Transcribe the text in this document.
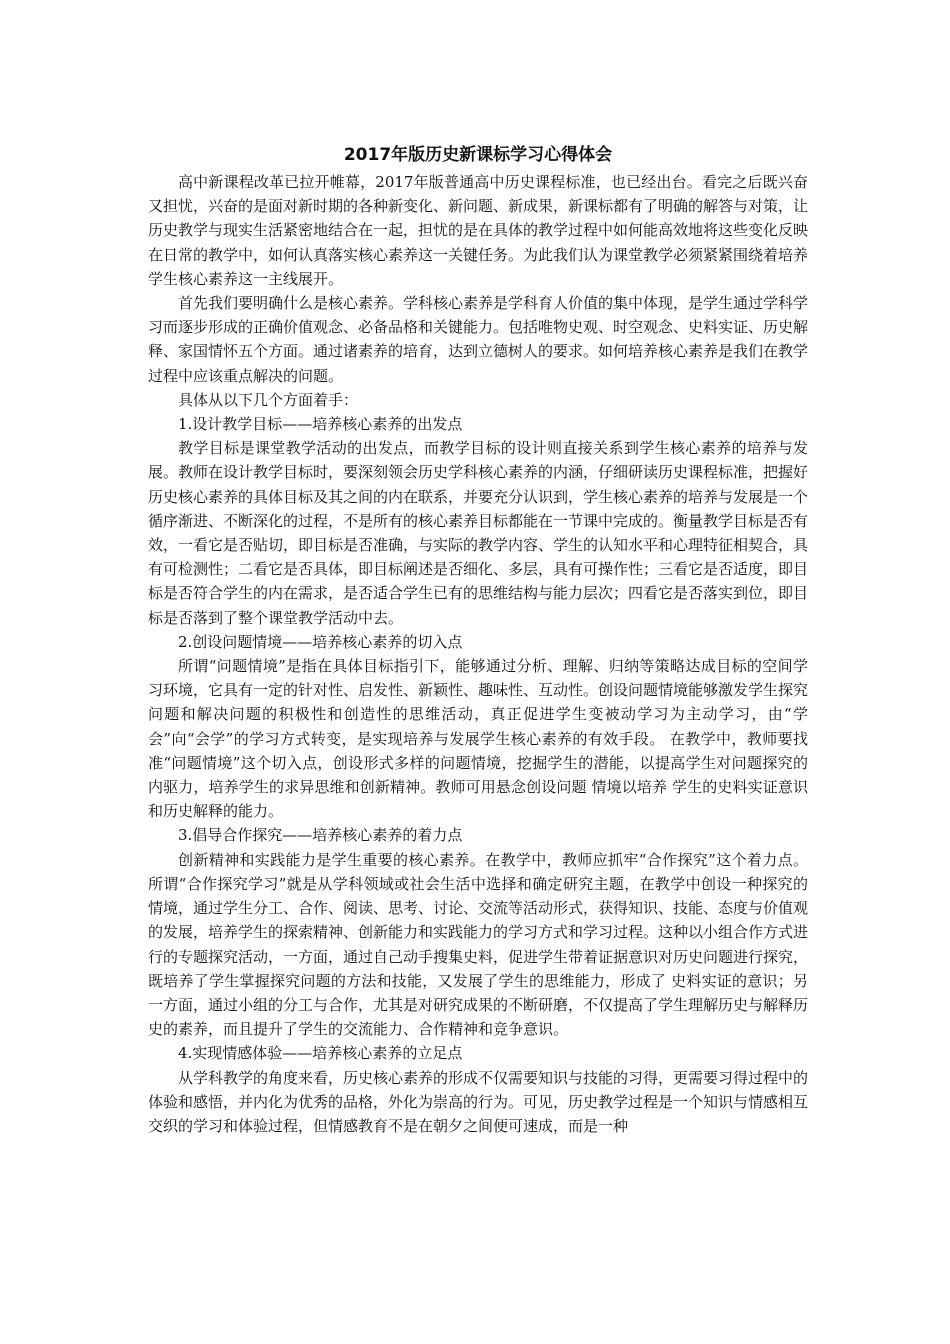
2017年版历史新课标学习心得体会

高中新课程改革已拉开帷幕，2017年版普通高中历史课程标准，也已经出台。看完之后既兴奋又担忧，兴奋的是面对新时期的各种新变化、新问题、新成果，新课标都有了明确的解答与对策，让历史教学与现实生活紧密地结合在一起，担忧的是在具体的教学过程中如何能高效地将这些变化反映在日常的教学中，如何认真落实核心素养这一关键任务。为此我们认为课堂教学必须紧紧围绕着培养学生核心素养这一主线展开。

首先我们要明确什么是核心素养。学科核心素养是学科育人价值的集中体现，是学生通过学科学习而逐步形成的正确价值观念、必备品格和关键能力。包括唯物史观、时空观念、史料实证、历史解释、家国情怀五个方面。通过诸素养的培育，达到立德树人的要求。如何培养核心素养是我们在教学过程中应该重点解决的问题。

具体从以下几个方面着手：

1.设计教学目标——培养核心素养的出发点

教学目标是课堂教学活动的出发点，而教学目标的设计则直接关系到学生核心素养的培养与发展。教师在设计教学目标时，要深刻领会历史学科核心素养的内涵，仔细研读历史课程标准，把握好历史核心素养的具体目标及其之间的内在联系，并要充分认识到，学生核心素养的培养与发展是一个循序渐进、不断深化的过程，不是所有的核心素养目标都能在一节课中完成的。衡量教学目标是否有效，一看它是否贴切，即目标是否准确，与实际的教学内容、学生的认知水平和心理特征相契合，具有可检测性；二看它是否具体，即目标阐述是否细化、多层，具有可操作性；三看它是否适度，即目标是否符合学生的内在需求，是否适合学生已有的思维结构与能力层次；四看它是否落实到位，即目标是否落到了整个课堂教学活动中去。

2.创设问题情境——培养核心素养的切入点

所谓“问题情境”是指在具体目标指引下，能够通过分析、理解、归纳等策略达成目标的空间学习环境，它具有一定的针对性、启发性、新颖性、趣味性、互动性。创设问题情境能够激发学生探究问题和解决问题的积极性和创造性的思维活动，真正促进学生变被动学习为主动学习，由“学会”向“会学”的学习方式转变，是实现培养与发展学生核心素养的有效手段。 在教学中，教师要找准“问题情境”这个切入点，创设形式多样的问题情境，挖掘学生的潜能，以提高学生对问题探究的内驱力，培养学生的求异思维和创新精神。教师可用悬念创设问题 情境以培养 学生的史料实证意识和历史解释的能力。

3.倡导合作探究——培养核心素养的着力点

创新精神和实践能力是学生重要的核心素养。在教学中，教师应抓牢“合作探究”这个着力点。所谓“合作探究学习”就是从学科领域或社会生活中选择和确定研究主题，在教学中创设一种探究的情境，通过学生分工、合作、阅读、思考、讨论、交流等活动形式，获得知识、技能、态度与价值观的发展，培养学生的探索精神、创新能力和实践能力的学习方式和学习过程。这种以小组合作方式进行的专题探究活动，一方面，通过自己动手搜集史料，促进学生带着证据意识对历史问题进行探究，既培养了学生掌握探究问题的方法和技能，又发展了学生的思维能力，形成了 史料实证的意识；另一方面，通过小组的分工与合作，尤其是对研究成果的不断研磨，不仅提高了学生理解历史与解释历史的素养，而且提升了学生的交流能力、合作精神和竞争意识。

4.实现情感体验——培养核心素养的立足点

从学科教学的角度来看，历史核心素养的形成不仅需要知识与技能的习得，更需要习得过程中的体验和感悟，并内化为优秀的品格，外化为崇高的行为。可见，历史教学过程是一个知识与情感相互交织的学习和体验过程，但情感教育不是在朝夕之间便可速成，而是一种
